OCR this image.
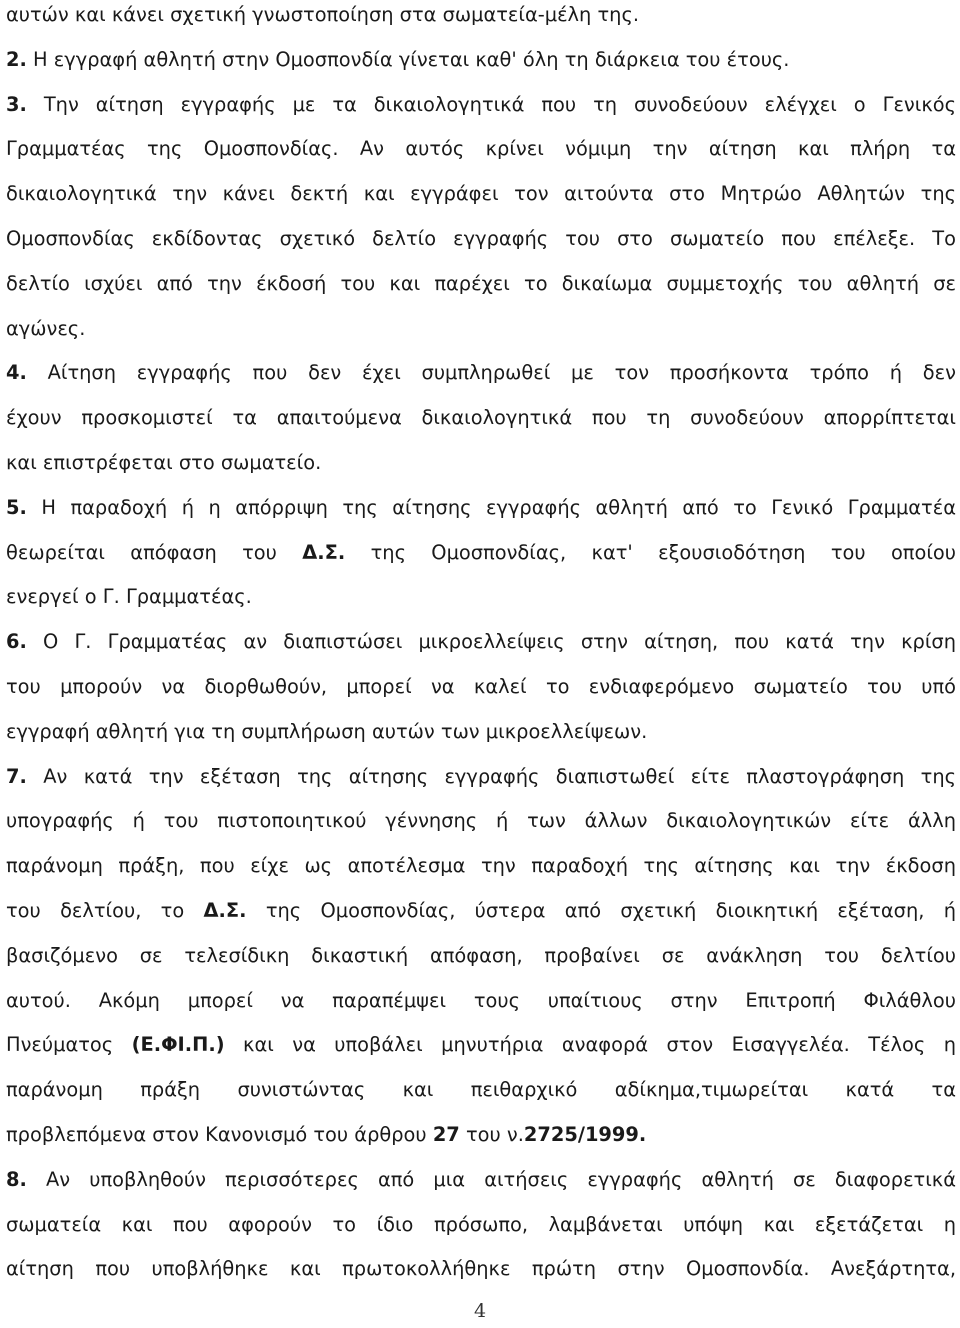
αυτών και κάνει σχετική γνωστοποίηση στα σωματεία-μέλη της.
2. Η εγγραφή αθλητή στην Ομοσπονδία γίνεται καθ' όλη τη διάρκεια του έτους.
3. Την αίτηση εγγραφής με τα δικαιολογητικά που τη συνοδεύουν ελέγχει ο Γενικός
Γραμματέας της Ομοσπονδίας. Αν αυτός κρίνει νόμιμη την αίτηση και πλήρη τα
δικαιολογητικά την κάνει δεκτή και εγγράφει τον αιτούντα στο Μητρώο Αθλητών της
Ομοσπονδίας εκδίδοντας σχετικό δελτίο εγγραφής του στο σωματείο που επέλεξε. Το
δελτίο ισχύει από την έκδοσή του και παρέχει το δικαίωμα συμμετοχής του αθλητή σε
αγώνες.
4. Αίτηση εγγραφής που δεν έχει συμπληρωθεί με τον προσήκοντα τρόπο ή δεν
έχουν προσκομιστεί τα απαιτούμενα δικαιολογητικά που τη συνοδεύουν απορρίπτεται
και επιστρέφεται στο σωματείο.
5. Η παραδοχή ή η απόρριψη της αίτησης εγγραφής αθλητή από το Γενικό Γραμματέα
θεωρείται απόφαση του Δ.Σ. της Ομοσπονδίας, κατ' εξουσιοδότηση του οποίου
ενεργεί ο Γ. Γραμματέας.
6. Ο Γ. Γραμματέας αν διαπιστώσει μικροελλείψεις στην αίτηση, που κατά την κρίση
του μπορούν να διορθωθούν, μπορεί να καλεί το ενδιαφερόμενο σωματείο του υπό
εγγραφή αθλητή για τη συμπλήρωση αυτών των μικροελλείψεων.
7. Αν κατά την εξέταση της αίτησης εγγραφής διαπιστωθεί είτε πλαστογράφηση της
υπογραφής ή του πιστοποιητικού γέννησης ή των άλλων δικαιολογητικών είτε άλλη
παράνομη πράξη, που είχε ως αποτέλεσμα την παραδοχή της αίτησης και την έκδοση
του δελτίου, το Δ.Σ. της Ομοσπονδίας, ύστερα από σχετική διοικητική εξέταση, ή
βασιζόμενο σε τελεσίδικη δικαστική απόφαση, προβαίνει σε ανάκληση του δελτίου
αυτού. Ακόμη μπορεί να παραπέμψει τους υπαίτιους στην Επιτροπή Φιλάθλου
Πνεύματος (Ε.ΦΙ.Π.) και να υποβάλει μηνυτήρια αναφορά στον Εισαγγελέα. Τέλος η
παράνομη πράξη συνιστώντας και πειθαρχικό αδίκημα,τιμωρείται κατά τα
προβλεπόμενα στον Κανονισμό του άρθρου 27 του ν.2725/1999.
8. Αν υποβληθούν περισσότερες από μια αιτήσεις εγγραφής αθλητή σε διαφορετικά
σωματεία και που αφορούν το ίδιο πρόσωπο, λαμβάνεται υπόψη και εξετάζεται η
αίτηση που υποβλήθηκε και πρωτοκολλήθηκε πρώτη στην Ομοσπονδία. Ανεξάρτητα,
4
